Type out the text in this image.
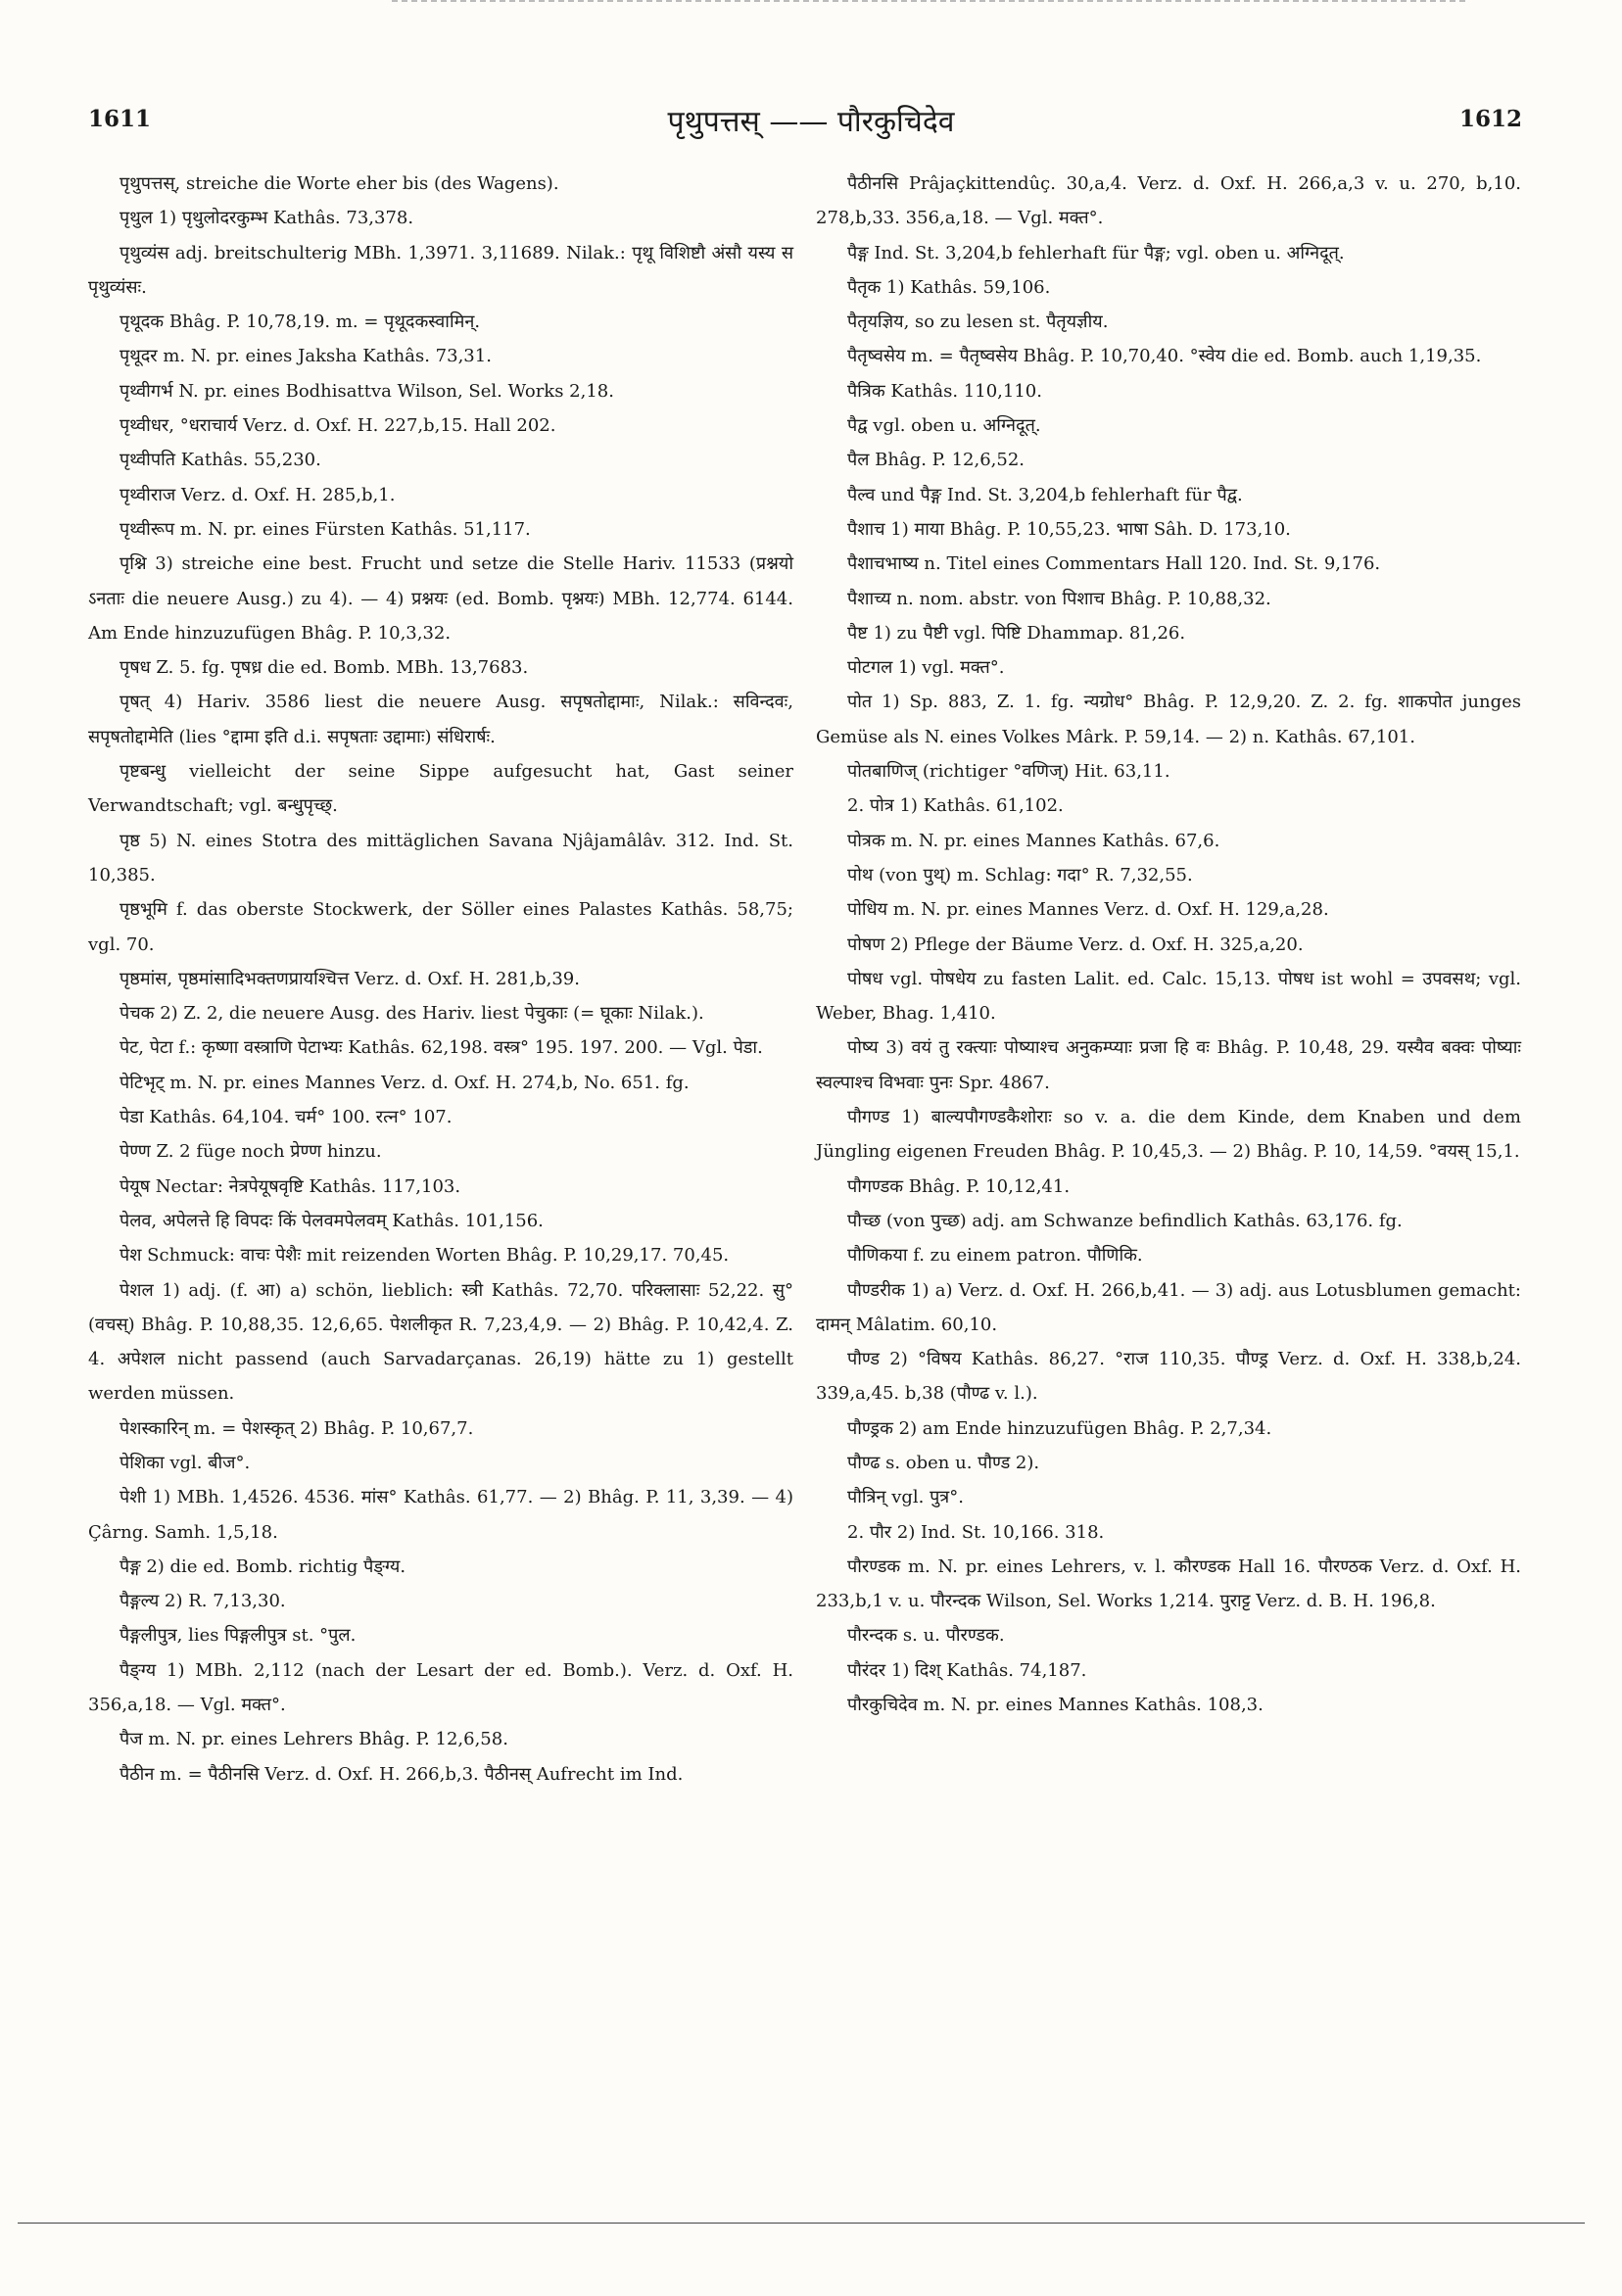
1611	पृथुपत्तस् —— पौरकुचिदेव	1612

पृथुपत्तस्, streiche die Worte eher bis (des Wagens).

पृथुल 1) पृथुलोदरकुम्भ Kathâs. 73,378.

पृथुव्यंस adj. breitschulterig MBh. 1,3971. 3,11689. Nilak.: पृथू विशिष्टौ अंसौ यस्य स पृथुव्यंसः.

पृथूदक Bhâg. P. 10,78,19. m. = पृथूदकस्वामिन्.

पृथूदर m. N. pr. eines Jaksha Kathâs. 73,31.

पृथ्वीगर्भ N. pr. eines Bodhisattva Wilson, Sel. Works 2,18.

पृथ्वीधर, °धराचार्य Verz. d. Oxf. H. 227,b,15. Hall 202.

पृथ्वीपति Kathâs. 55,230.

पृथ्वीराज Verz. d. Oxf. H. 285,b,1.

पृथ्वीरूप m. N. pr. eines Fürsten Kathâs. 51,117.

पृश्नि 3) streiche eine best. Frucht und setze die Stelle Hariv. 11533 (प्रश्नयो ऽनताः die neuere Ausg.) zu 4). — 4) प्रश्नयः (ed. Bomb. पृश्नयः) MBh. 12,774. 6144. Am Ende hinzuzufügen Bhâg. P. 10,3,32.

पृषध Z. 5. fg. पृषध्र die ed. Bomb. MBh. 13,7683.

पृषत् 4) Hariv. 3586 liest die neuere Ausg. सपृषतोद्दामाः, Nilak.: सविन्दवः, सपृषतोद्दामेति (lies °द्दामा इति d.i. सपृषताः उद्दामाः) संधिरार्षः.

पृष्टबन्धु vielleicht der seine Sippe aufgesucht hat, Gast seiner Verwandtschaft; vgl. बन्धुपृच्छ्.

पृष्ठ 5) N. eines Stotra des mittäglichen Savana Njâjamâlâv. 312. Ind. St. 10,385.

पृष्ठभूमि f. das oberste Stockwerk, der Söller eines Palastes Kathâs. 58,75; vgl. 70.

पृष्ठमांस, पृष्ठमांसादिभक्तणप्रायश्चित्त Verz. d. Oxf. H. 281,b,39.

पेचक 2) Z. 2, die neuere Ausg. des Hariv. liest पेचुकाः (= घूकाः Nilak.).

पेट, पेटा f.: कृष्णा वस्त्राणि पेटाभ्यः Kathâs. 62,198. वस्त्र° 195. 197. 200. — Vgl. पेडा.

पेटिभृट् m. N. pr. eines Mannes Verz. d. Oxf. H. 274,b, No. 651. fg.

पेडा Kathâs. 64,104. चर्म° 100. रत्न° 107.

पेण्ण Z. 2 füge noch प्रेण्ण hinzu.

पेयूष Nectar: नेत्रपेयूषवृष्टि Kathâs. 117,103.

पेलव, अपेलत्ते हि विपदः किं पेलवमपेलवम् Kathâs. 101,156.

पेश Schmuck: वाचः पेशैः mit reizenden Worten Bhâg. P. 10,29,17. 70,45.

पेशल 1) adj. (f. आ) a) schön, lieblich: स्त्री Kathâs. 72,70. परिक्लासाः 52,22. सु° (वचस्) Bhâg. P. 10,88,35. 12,6,65. पेशलीकृत R. 7,23,4,9. — 2) Bhâg. P. 10,42,4. Z. 4. अपेशल nicht passend (auch Sarvadarçanas. 26,19) hätte zu 1) gestellt werden müssen.

पेशस्कारिन् m. = पेशस्कृत् 2) Bhâg. P. 10,67,7.

पेशिका vgl. बीज°.

पेशी 1) MBh. 1,4526. 4536. मांस° Kathâs. 61,77. — 2) Bhâg. P. 11, 3,39. — 4) Çârng. Samh. 1,5,18.

पैङ्ग 2) die ed. Bomb. richtig पैङ्ग्य.

पैङ्गल्य 2) R. 7,13,30.

पैङ्गलीपुत्र, lies पिङ्गलीपुत्र st. °पुल.

पैङ्ग्य 1) MBh. 2,112 (nach der Lesart der ed. Bomb.). Verz. d. Oxf. H. 356,a,18. — Vgl. मक्त°.

पैज m. N. pr. eines Lehrers Bhâg. P. 12,6,58.

पैठीन m. = पैठीनसि Verz. d. Oxf. H. 266,b,3. पैठीनस् Aufrecht im Ind.

पैठीनसि Prâjaçkittendûç. 30,a,4. Verz. d. Oxf. H. 266,a,3 v. u. 270, b,10. 278,b,33. 356,a,18. — Vgl. मक्त°.

पैङ्ग Ind. St. 3,204,b fehlerhaft für पैङ्ग; vgl. oben u. अग्निदूत्.

पैतृक 1) Kathâs. 59,106.

पैतृयज्ञिय, so zu lesen st. पैतृयज्ञीय.

पैतृष्वसेय m. = पैतृष्वसेय Bhâg. P. 10,70,40. °स्वेय die ed. Bomb. auch 1,19,35.

पैत्रिक Kathâs. 110,110.

पैद्व vgl. oben u. अग्निदूत्.

पैल Bhâg. P. 12,6,52.

पैल्व und पैङ्ग Ind. St. 3,204,b fehlerhaft für पैद्व.

पैशाच 1) माया Bhâg. P. 10,55,23. भाषा Sâh. D. 173,10.

पैशाचभाष्य n. Titel eines Commentars Hall 120. Ind. St. 9,176.

पैशाच्य n. nom. abstr. von पिशाच Bhâg. P. 10,88,32.

पैष्ट 1) zu पैष्टी vgl. पिष्टि Dhammap. 81,26.

पोटगल 1) vgl. मक्त°.

पोत 1) Sp. 883, Z. 1. fg. न्यग्रोध° Bhâg. P. 12,9,20. Z. 2. fg. शाकपोत junges Gemüse als N. eines Volkes Mârk. P. 59,14. — 2) n. Kathâs. 67,101.

पोतबाणिज् (richtiger °वणिज्) Hit. 63,11.

2. पोत्र 1) Kathâs. 61,102.

पोत्रक m. N. pr. eines Mannes Kathâs. 67,6.

पोथ (von पुथ्) m. Schlag: गदा° R. 7,32,55.

पोधिय m. N. pr. eines Mannes Verz. d. Oxf. H. 129,a,28.

पोषण 2) Pflege der Bäume Verz. d. Oxf. H. 325,a,20.

पोषध vgl. पोषधेय zu fasten Lalit. ed. Calc. 15,13. पोषध ist wohl = उपवसथ; vgl. Weber, Bhag. 1,410.

पोष्य 3) वयं तु रक्त्याः पोष्याश्च अनुकम्प्याः प्रजा हि वः Bhâg. P. 10,48, 29. यस्यैव बक्वः पोष्याः स्वल्पाश्च विभवाः पुनः Spr. 4867.

पौगण्ड 1) बाल्यपौगण्डकैशोराः so v. a. die dem Kinde, dem Knaben und dem Jüngling eigenen Freuden Bhâg. P. 10,45,3. — 2) Bhâg. P. 10, 14,59. °वयस् 15,1.

पौगण्डक Bhâg. P. 10,12,41.

पौच्छ (von पुच्छ) adj. am Schwanze befindlich Kathâs. 63,176. fg.

पौणिकया f. zu einem patron. पौणिकि.

पौण्डरीक 1) a) Verz. d. Oxf. H. 266,b,41. — 3) adj. aus Lotusblumen gemacht: दामन् Mâlatim. 60,10.

पौण्ड 2) °विषय Kathâs. 86,27. °राज 110,35. पौण्ड्र Verz. d. Oxf. H. 338,b,24. 339,a,45. b,38 (पौण्ढ v. l.).

पौण्ड्रक 2) am Ende hinzuzufügen Bhâg. P. 2,7,34.

पौण्ढ s. oben u. पौण्ड 2).

पौत्रिन् vgl. पुत्र°.

2. पौर 2) Ind. St. 10,166. 318.

पौरण्डक m. N. pr. eines Lehrers, v. l. कौरण्डक Hall 16. पौरण्ठक Verz. d. Oxf. H. 233,b,1 v. u. पौरन्दक Wilson, Sel. Works 1,214. पुराट्ट Verz. d. B. H. 196,8.

पौरन्दक s. u. पौरण्डक.

पौरंदर 1) दिश् Kathâs. 74,187.

पौरकुचिदेव m. N. pr. eines Mannes Kathâs. 108,3.
